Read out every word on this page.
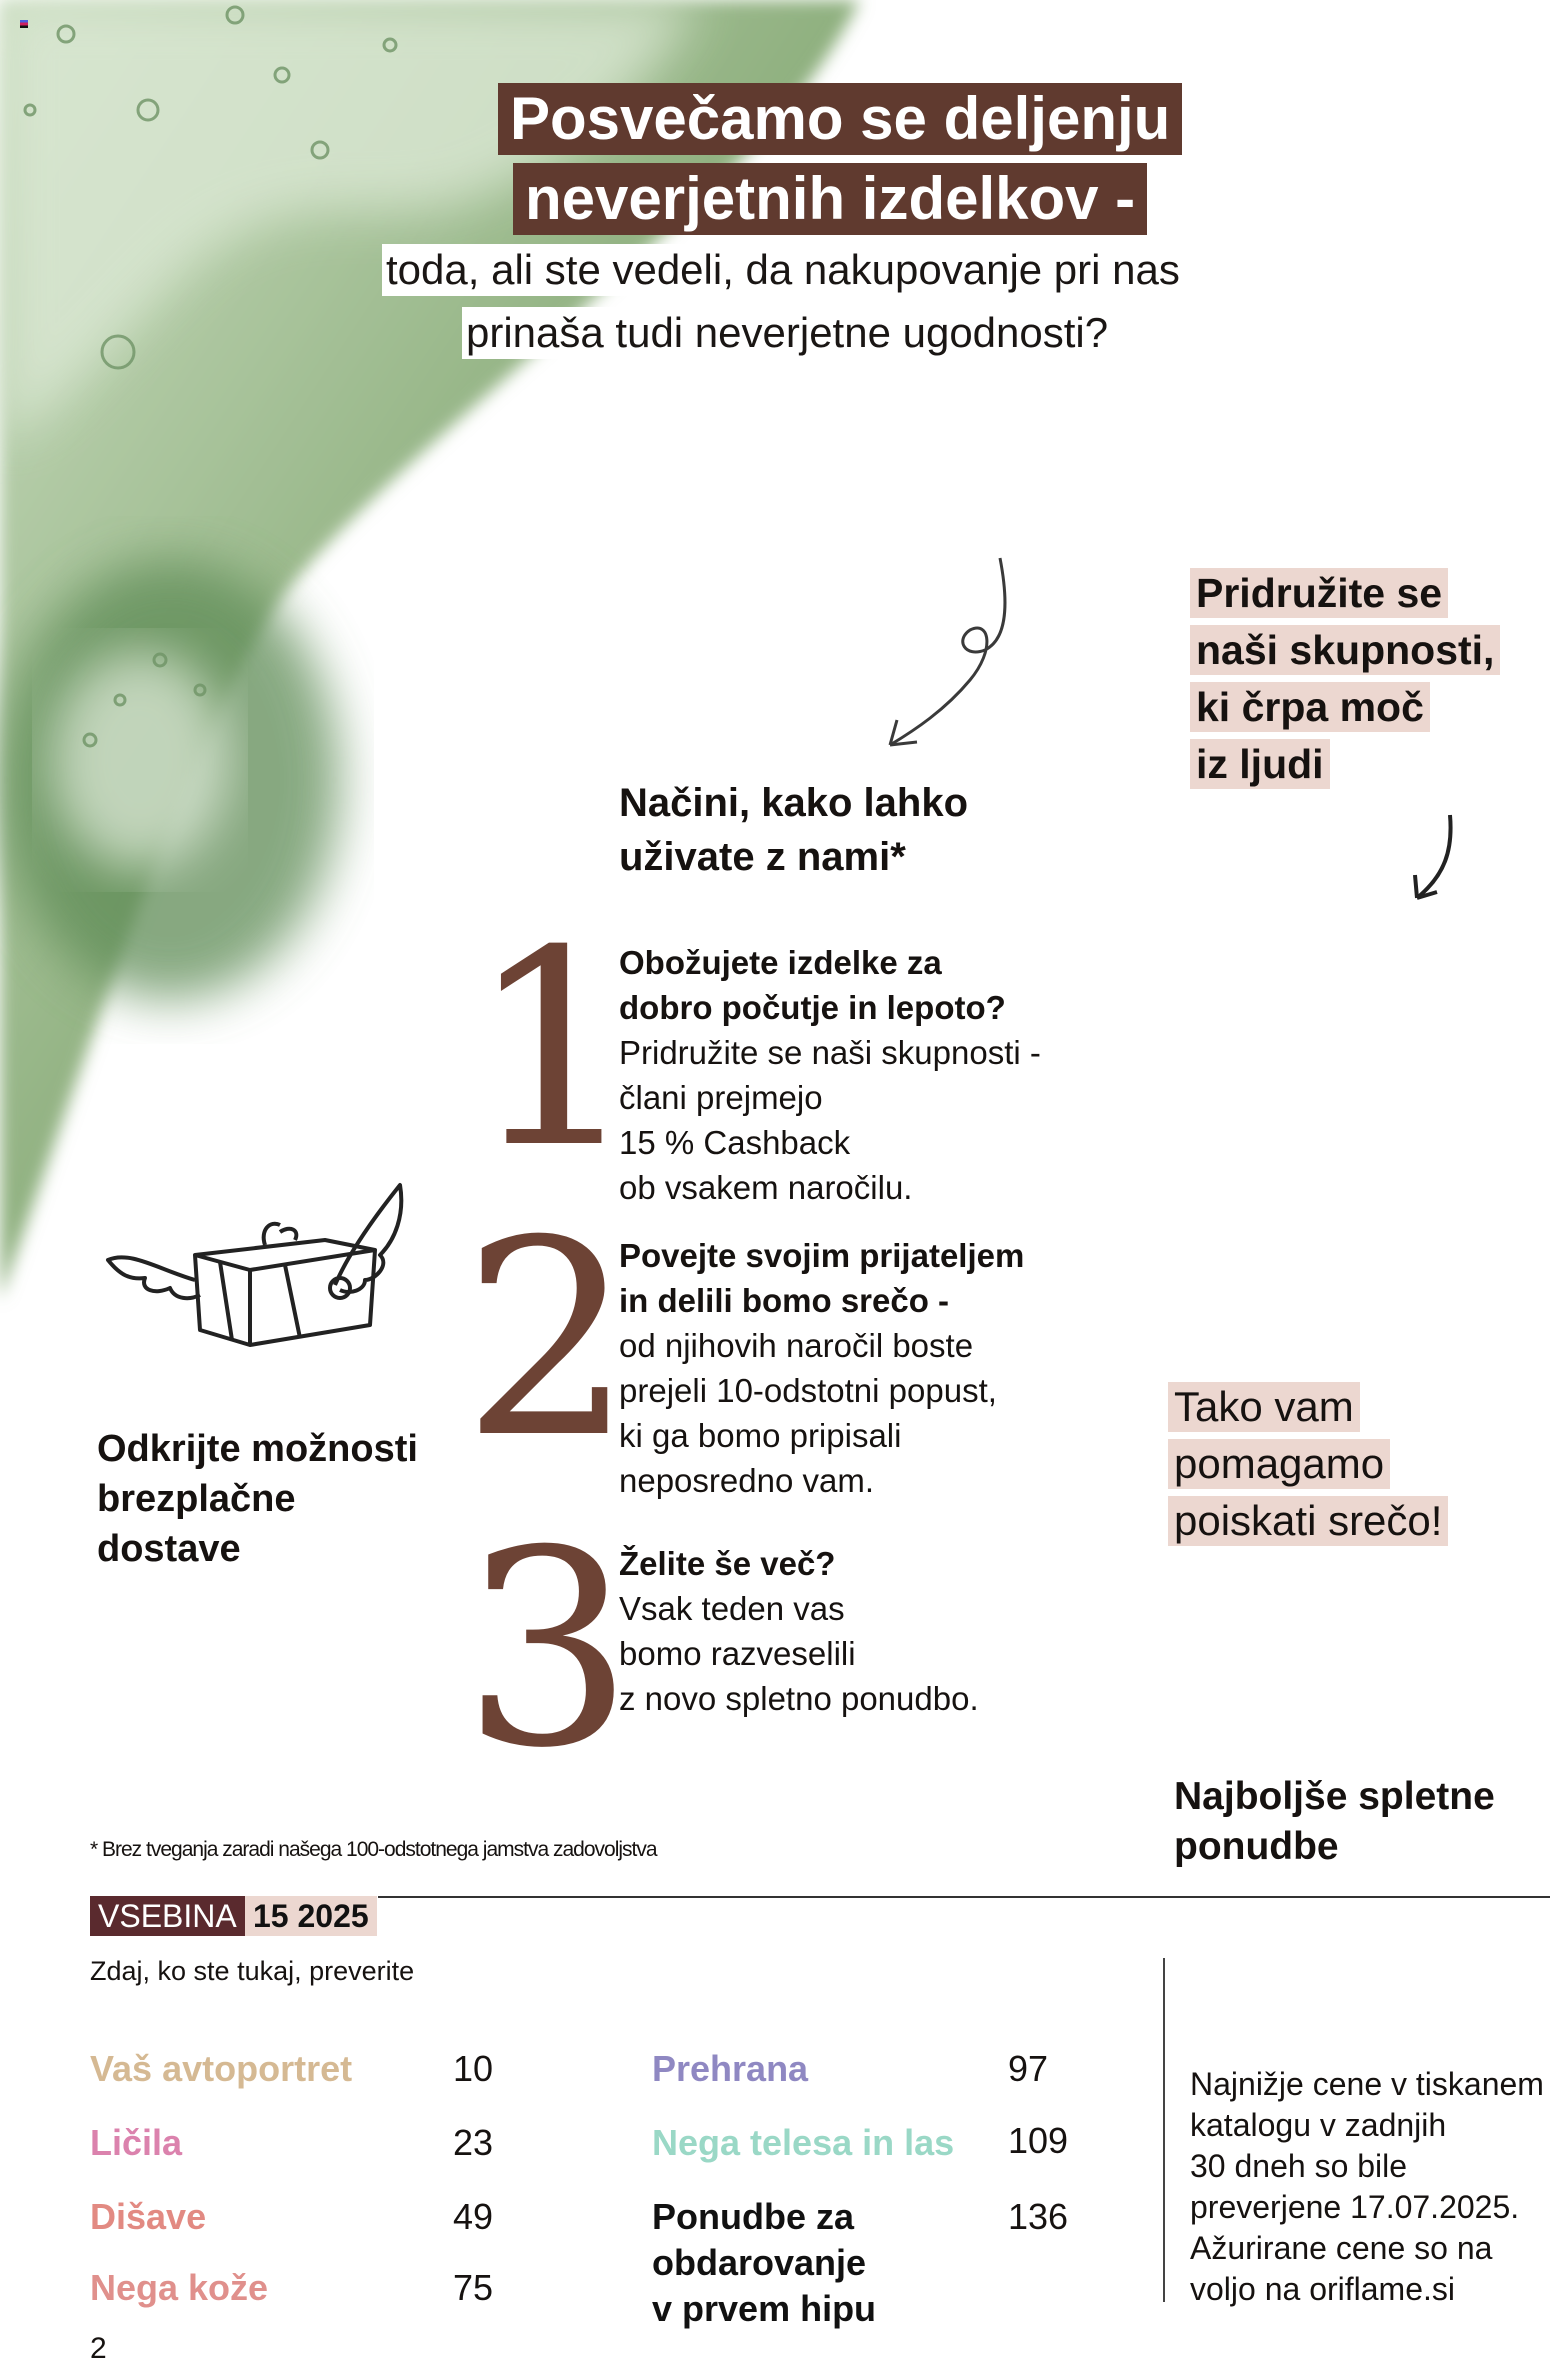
Posvečamo se deljenju
neverjetnih izdelkov -
toda, ali ste vedeli, da nakupovanje pri nas
prinaša tudi neverjetne ugodnosti?
Načini, kako lahko
uživate z nami*
1
2
3
Obožujete izdelke za
dobro počutje in lepoto?
Pridružite se naši skupnosti -
člani prejmejo
15 % Cashback
ob vsakem naročilu.
Povejte svojim prijateljem
in delili bomo srečo -
od njihovih naročil boste
prejeli 10-odstotni popust,
ki ga bomo pripisali
neposredno vam.
Želite še več?
Vsak teden vas
bomo razveselili
z novo spletno ponudbo.
Pridružite se
naši skupnosti,
ki črpa moč
iz ljudi
Tako vam
pomagamo
poiskati srečo!
Najboljše spletne
ponudbe
Odkrijte možnosti
brezplačne
dostave
* Brez tveganja zaradi našega 100-odstotnega jamstva zadovoljstva
VSEBINA 15 2025
Zdaj, ko ste tukaj, preverite
Vaš avtoportret	10
Ličila	23
Dišave	49
Nega kože	75
Prehrana	97
Nega telesa in las 109
Ponudbe za
obdarovanje
v prvem hipu
136
Najnižje cene v tiskanem
katalogu v zadnjih
30 dneh so bile
preverjene 17.07.2025.
Ažurirane cene so na
voljo na oriflame.si
2
